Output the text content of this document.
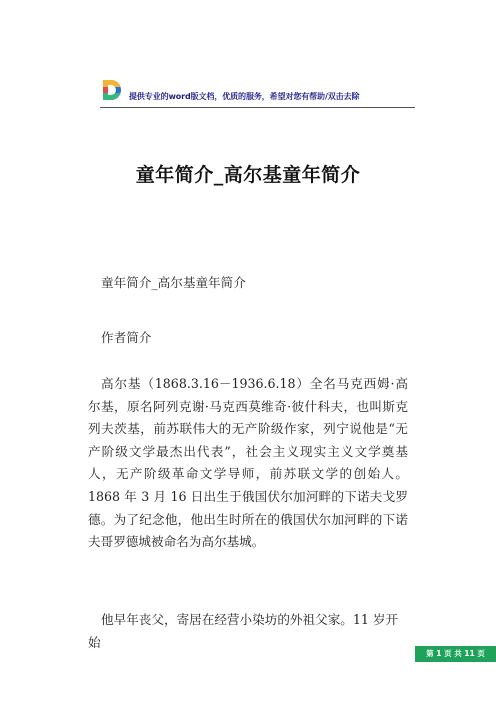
提供专业的word版文档，优质的服务，希望对您有帮助/双击去除
童年简介_高尔基童年简介

童年简介_高尔基童年简介

作者简介

高尔基（1868.3.16－1936.6.18）全名马克西姆·高尔基，原名阿列克谢·马克西莫维奇·彼什科夫，也叫斯克列夫茨基，前苏联伟大的无产阶级作家，列宁说他是“无产阶级文学最杰出代表”，社会主义现实主义文学奠基人，无产阶级革命文学导师，前苏联文学的创始人。1868 年 3 月 16 日出生于俄国伏尔加河畔的下诺夫戈罗德。为了纪念他，他出生时所在的俄国伏尔加河畔的下诺夫哥罗德城被命名为高尔基城。

他早年丧父，寄居在经营小染坊的外祖父家。11 岁开始

第 1 页 共 11 页
